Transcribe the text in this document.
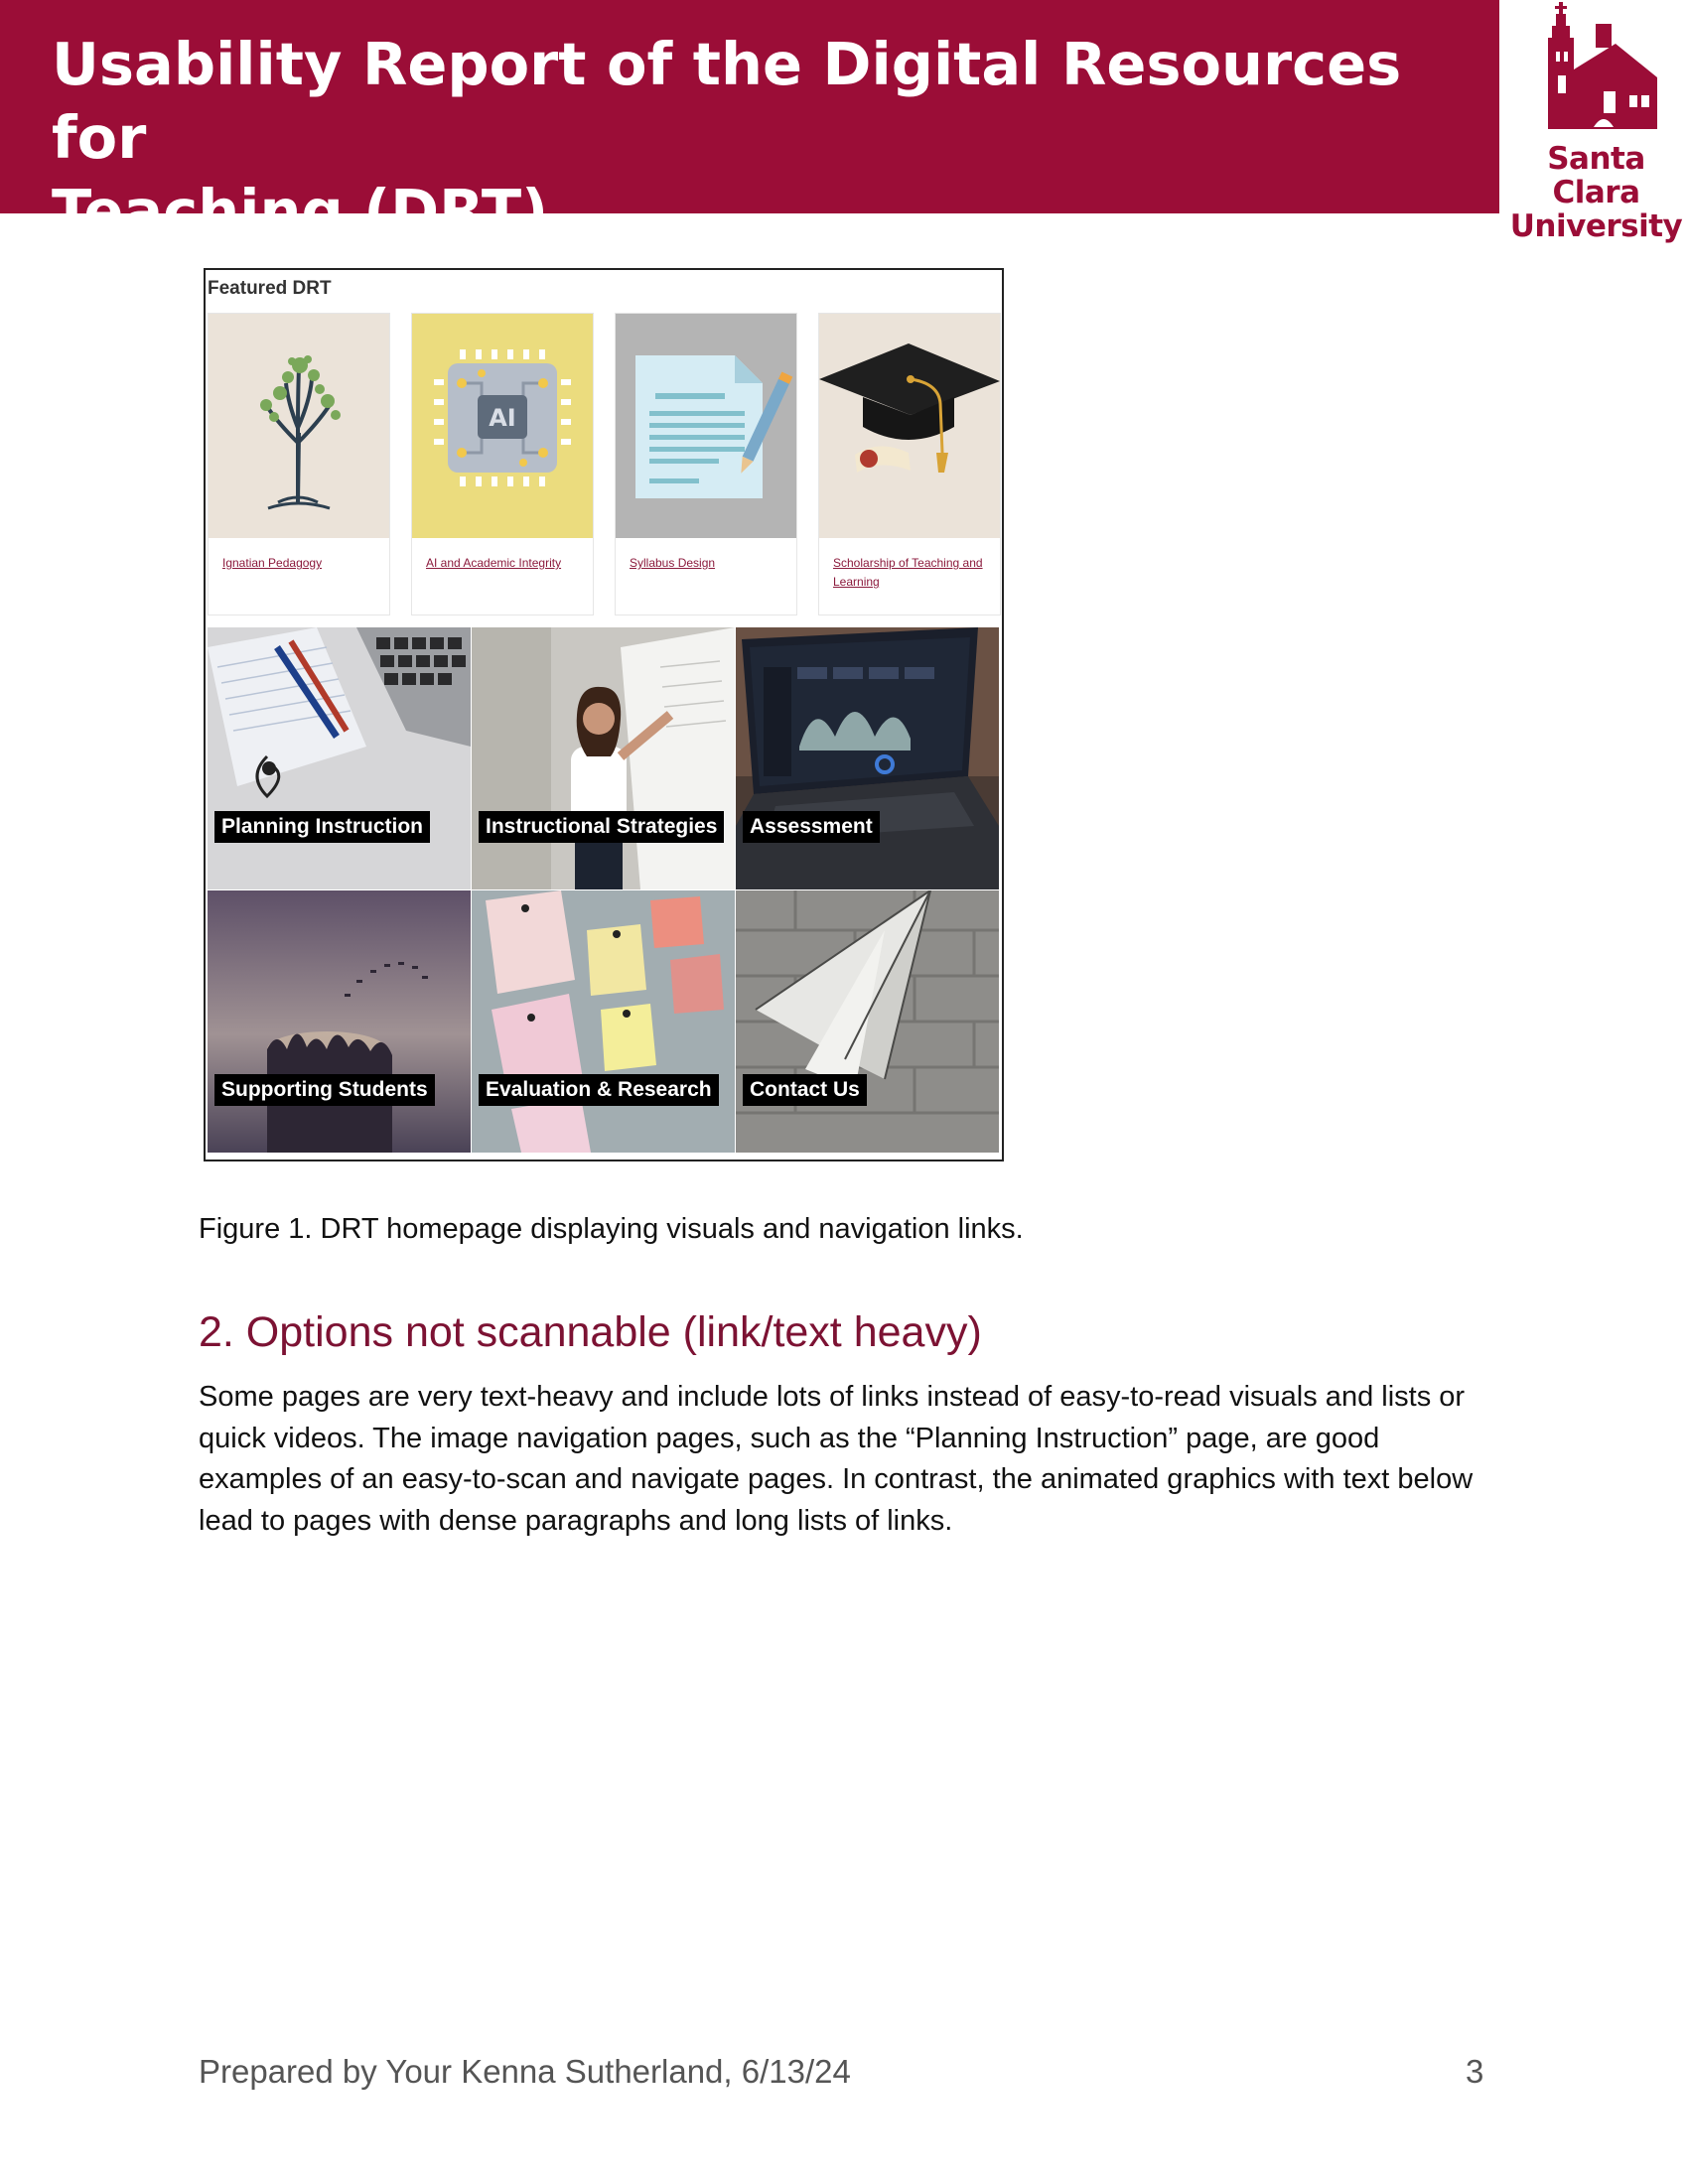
Usability Report of the Digital Resources for
Teaching (DRT)
Santa Clara
University
Featured DRT
Ignatian Pedagogy
AI
AI and Academic Integrity	Syllabus Design	Scholarship of Teaching and Learning
Planning Instruction	Instructional Strategies	Assessment
Supporting Students	Evaluation & Research	Contact Us
Figure 1. DRT homepage displaying visuals and navigation links.
2. Options not scannable (link/text heavy)
Some pages are very text-heavy and include lots of links instead of easy-to-read visuals and lists or quick videos. The image navigation pages, such as the “Planning Instruction” page, are good examples of an easy-to-scan and navigate pages. In contrast, the animated graphics with text below lead to pages with dense paragraphs and long lists of links.
Prepared by Your Kenna Sutherland, 6/13/24	3
